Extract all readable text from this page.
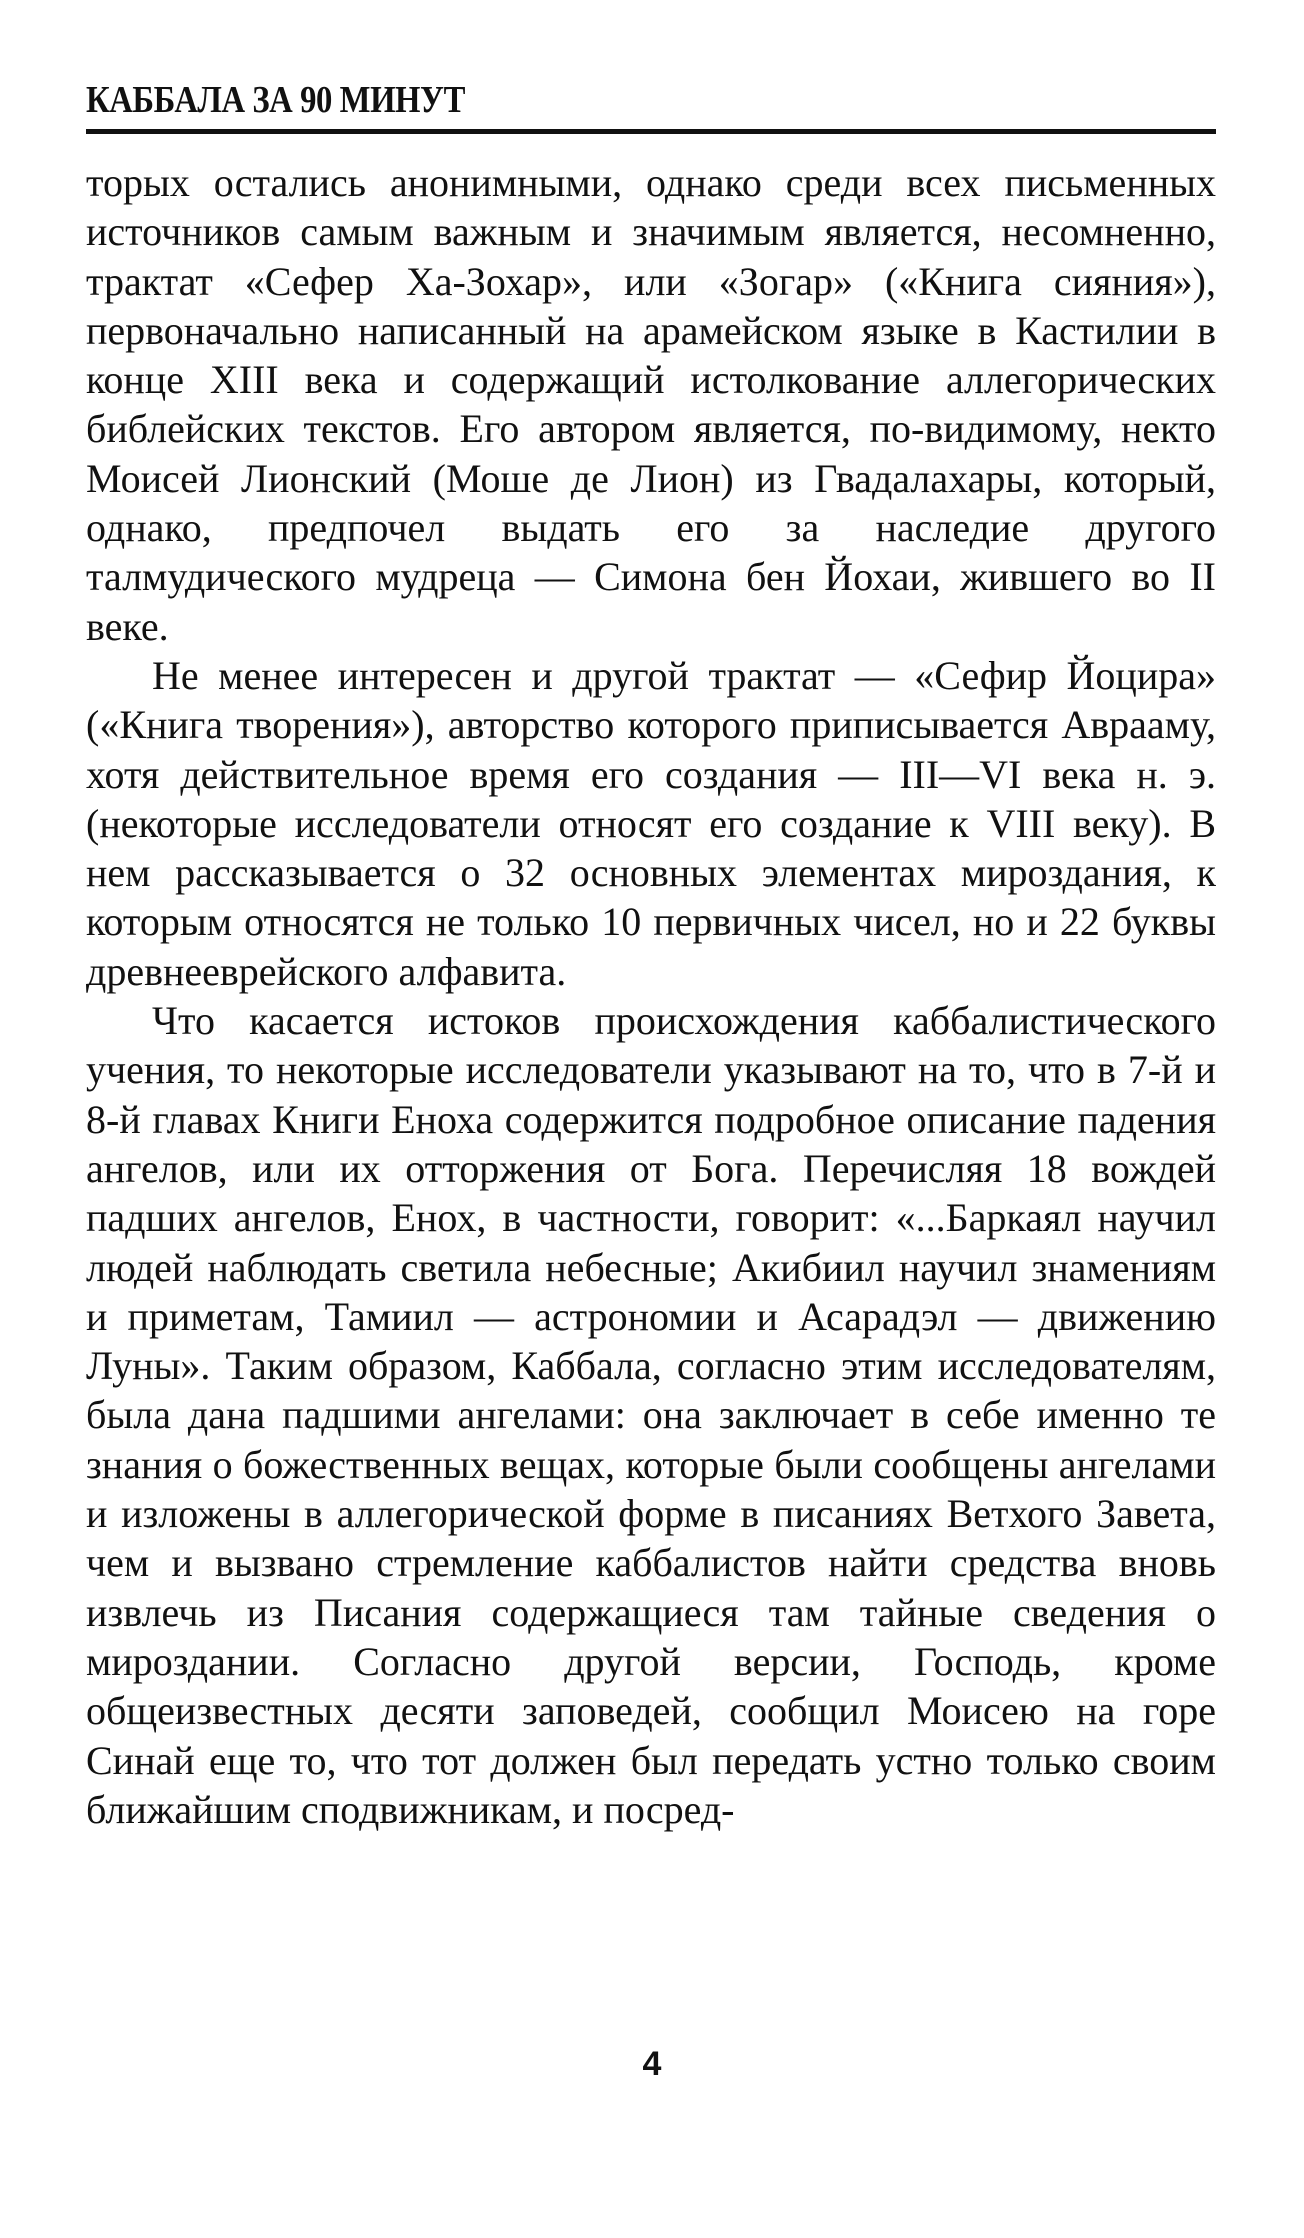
КАББАЛА ЗА 90 МИНУТ

торых остались анонимными, однако среди всех письменных источников самым важным и значимым является, несомненно, трактат «Сефер Ха-Зохар», или «Зогар» («Книга сияния»), первоначально написанный на арамейском языке в Кастилии в конце XIII века и содержащий истолкование аллегорических библейских текстов. Его автором является, по-видимому, некто Моисей Лионский (Моше де Лион) из Гвадалахары, который, однако, предпочел выдать его за наследие другого талмудического мудреца — Симона бен Йохаи, жившего во II веке.

Не менее интересен и другой трактат — «Сефир Йоцира» («Книга творения»), авторство которого приписывается Аврааму, хотя действительное время его создания — III—VI века н. э. (некоторые исследователи относят его создание к VIII веку). В нем рассказывается о 32 основных элементах мироздания, к которым относятся не только 10 первичных чисел, но и 22 буквы древнееврейского алфавита.

Что касается истоков происхождения каббалистического учения, то некоторые исследователи указывают на то, что в 7-й и 8-й главах Книги Еноха содержится подробное описание падения ангелов, или их отторжения от Бога. Перечисляя 18 вождей падших ангелов, Енох, в частности, говорит: «...Баркаял научил людей наблюдать светила небесные; Акибиил научил знамениям и приметам, Тамиил — астрономии и Асарадэл — движению Луны». Таким образом, Каббала, согласно этим исследователям, была дана падшими ангелами: она заключает в себе именно те знания о божественных вещах, которые были сообщены ангелами и изложены в аллегорической форме в писаниях Ветхого Завета, чем и вызвано стремление каббалистов найти средства вновь извлечь из Писания содержащиеся там тайные сведения о мироздании. Согласно другой версии, Господь, кроме общеизвестных десяти заповедей, сообщил Моисею на горе Синай еще то, что тот должен был передать устно только своим ближайшим сподвижникам, и посред-

4
